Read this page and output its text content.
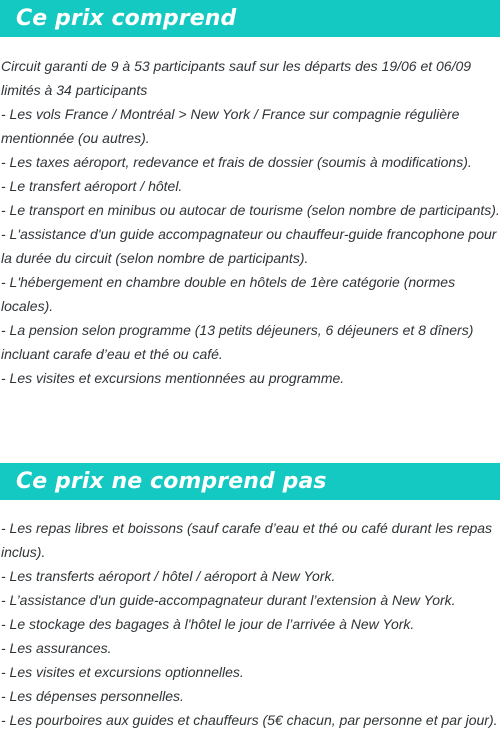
Ce prix comprend

Circuit garanti de 9 à 53 participants sauf sur les départs des 19/06 et 06/09 limités à 34 participants

- Les vols France / Montréal > New York / France sur compagnie régulière mentionnée (ou autres).

- Les taxes aéroport, redevance et frais de dossier (soumis à modifications).

- Le transfert aéroport / hôtel.

- Le transport en minibus ou autocar de tourisme (selon nombre de participants).

- L'assistance d'un guide accompagnateur ou chauffeur-guide francophone pour la durée du circuit (selon nombre de participants).

- L'hébergement en chambre double en hôtels de 1ère catégorie (normes locales).

- La pension selon programme (13 petits déjeuners, 6 déjeuners et 8 dîners) incluant carafe d’eau et thé ou café.

- Les visites et excursions mentionnées au programme.

Ce prix ne comprend pas

- Les repas libres et boissons (sauf carafe d’eau et thé ou café durant les repas inclus).

- Les transferts aéroport / hôtel / aéroport à New York.

- L’assistance d'un guide-accompagnateur durant l’extension à New York.

- Le stockage des bagages à l'hôtel le jour de l’arrivée à New York.

- Les assurances.

- Les visites et excursions optionnelles.

- Les dépenses personnelles.

- Les pourboires aux guides et chauffeurs (5€ chacun, par personne et par jour).
